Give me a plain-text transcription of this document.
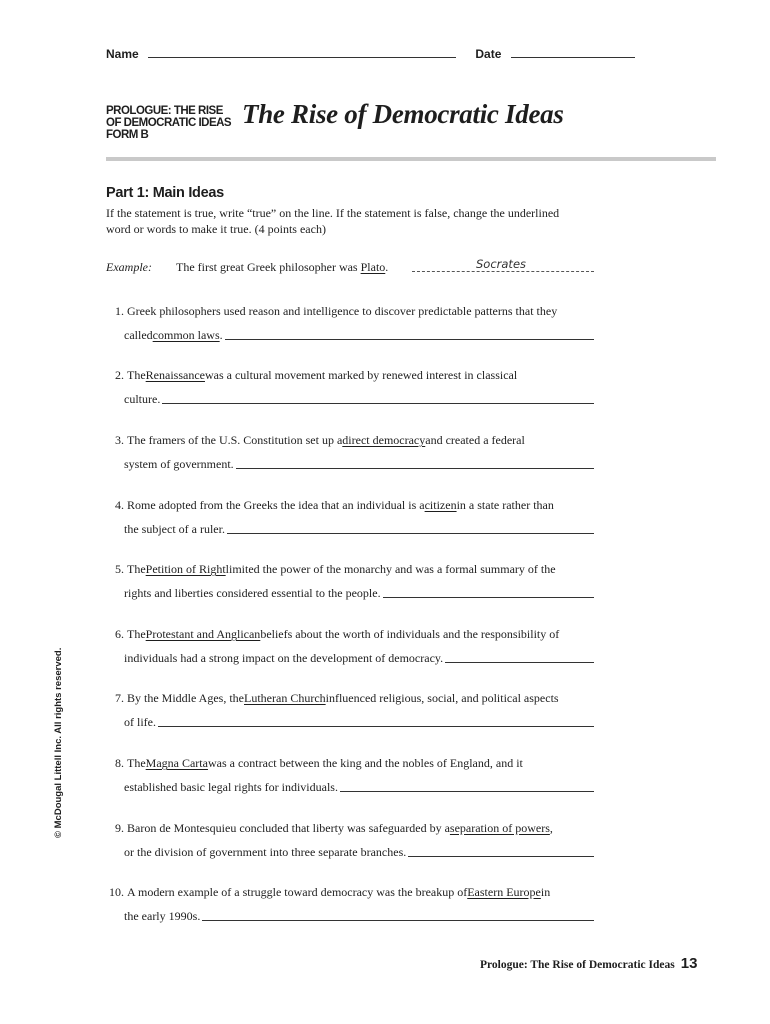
Name	Date
PROLOGUE: THE RISE
OF DEMOCRATIC IDEAS
FORM B
The Rise of Democratic Ideas
Part 1: Main Ideas
If the statement is true, write “true” on the line. If the statement is false, change the underlined word or words to make it true. (4 points each)
Example: The first great Greek philosopher was Plato.	Socrates
1.
Greek philosophers used reason and intelligence to discover predictable patterns that they
called common laws .
2.
The Renaissance was a cultural movement marked by renewed interest in classical
culture.
3.
The framers of the U.S. Constitution set up a direct democracy and created a federal
system of government.
4.
Rome adopted from the Greeks the idea that an individual is a citizen in a state rather than
the subject of a ruler.
5.
The Petition of Right limited the power of the monarchy and was a formal summary of the
rights and liberties considered essential to the people.
6.
The Protestant and Anglican beliefs about the worth of individuals and the responsibility of
individuals had a strong impact on the development of democracy.
7.
By the Middle Ages, the Lutheran Church influenced religious, social, and political aspects
of life.
8.
The Magna Carta was a contract between the king and the nobles of England, and it
established basic legal rights for individuals.
9.
Baron de Montesquieu concluded that liberty was safeguarded by a separation of powers ,
or the division of government into three separate branches.
10.
A modern example of a struggle toward democracy was the breakup of Eastern Europe in
the early 1990s.
© McDougal Littell Inc. All rights reserved.
Prologue: The Rise of Democratic Ideas 13
